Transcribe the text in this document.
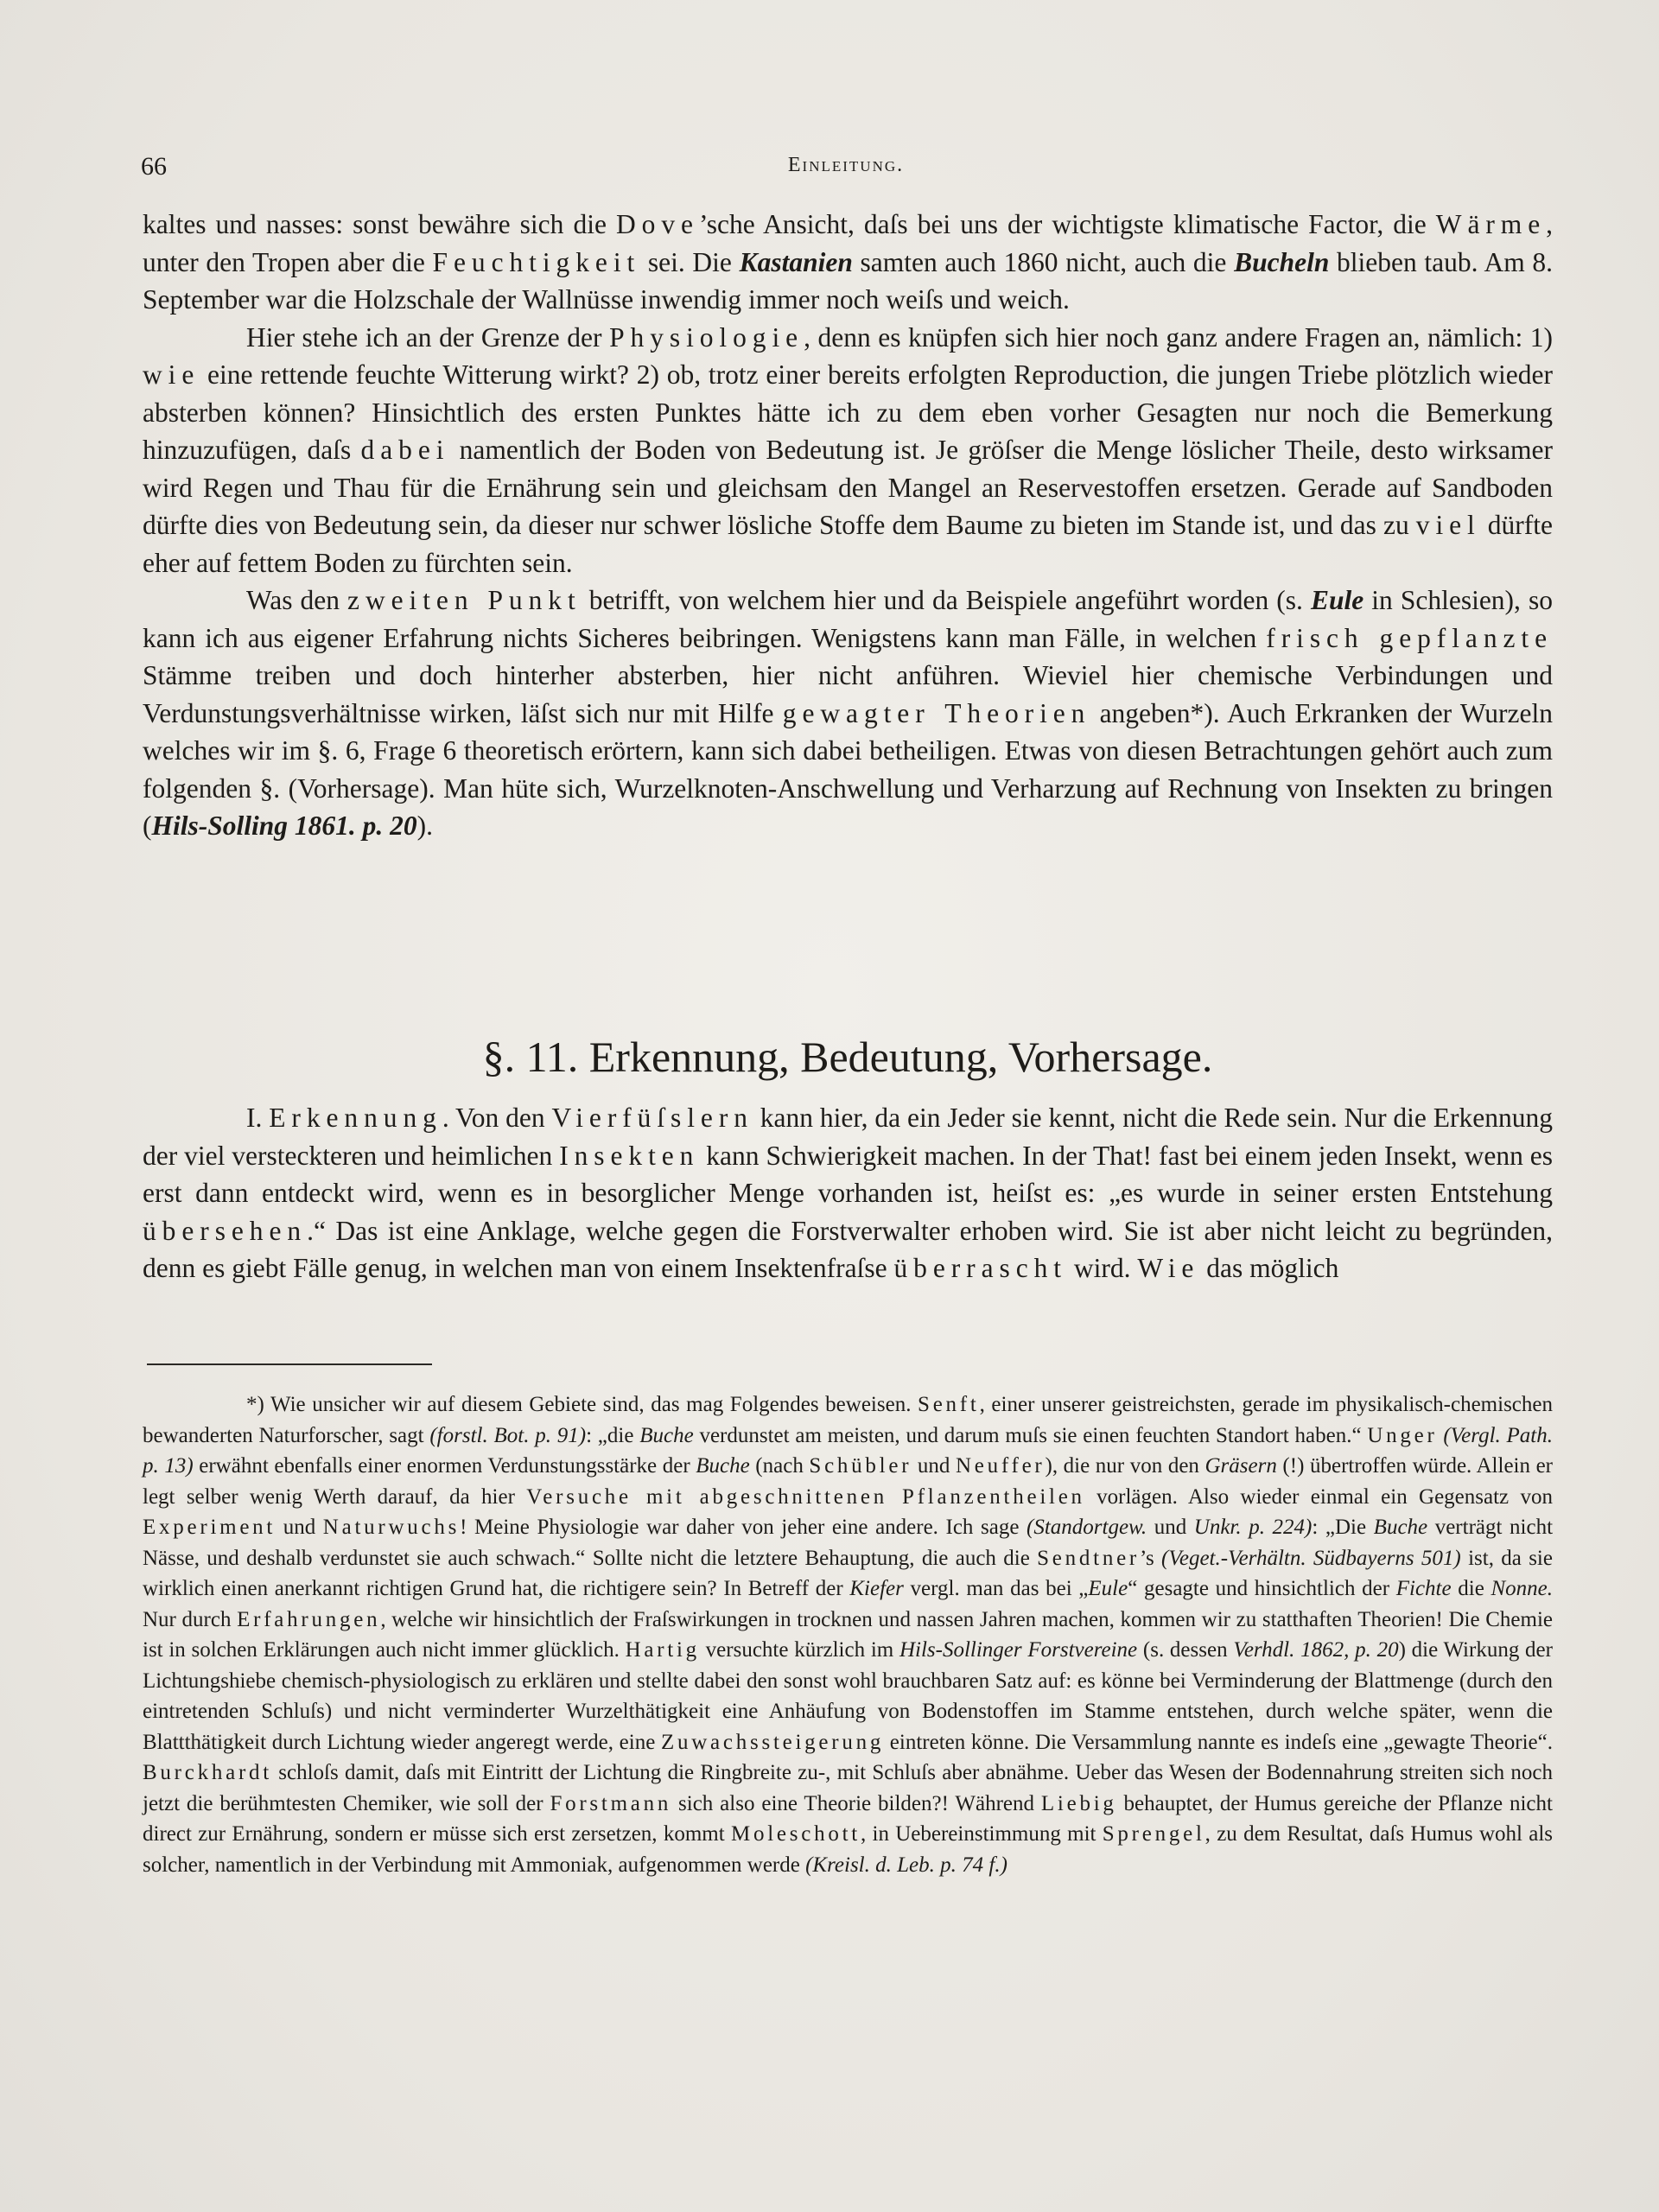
66	Einleitung.

kaltes und nasses: sonst bewähre sich die Dove’sche Ansicht, daſs bei uns der wichtigste klimatische Factor, die Wärme, unter den Tropen aber die Feuchtigkeit sei. Die Kastanien samten auch 1860 nicht, auch die Bucheln blieben taub. Am 8. September war die Holzschale der Wallnüsse inwendig immer noch weiſs und weich.

Hier stehe ich an der Grenze der Physiologie, denn es knüpfen sich hier noch ganz andere Fragen an, nämlich: 1) wie eine rettende feuchte Witterung wirkt? 2) ob, trotz einer bereits erfolgten Reproduction, die jungen Triebe plötzlich wieder absterben können? Hinsichtlich des ersten Punktes hätte ich zu dem eben vorher Gesagten nur noch die Bemerkung hinzuzufügen, daſs dabei namentlich der Boden von Bedeutung ist. Je gröſser die Menge löslicher Theile, desto wirksamer wird Regen und Thau für die Ernährung sein und gleichsam den Mangel an Reservestoffen ersetzen. Gerade auf Sandboden dürfte dies von Bedeutung sein, da dieser nur schwer lösliche Stoffe dem Baume zu bieten im Stande ist, und das zu viel dürfte eher auf fettem Boden zu fürchten sein.

Was den zweiten Punkt betrifft, von welchem hier und da Beispiele angeführt worden (s. Eule in Schlesien), so kann ich aus eigener Erfahrung nichts Sicheres beibringen. Wenigstens kann man Fälle, in welchen frisch gepflanzte Stämme treiben und doch hinterher absterben, hier nicht anführen. Wieviel hier chemische Verbindungen und Verdunstungsverhältnisse wirken, läſst sich nur mit Hilfe gewagter Theorien angeben*). Auch Erkranken der Wurzeln welches wir im §. 6, Frage 6 theoretisch erörtern, kann sich dabei betheiligen. Etwas von diesen Betrachtungen gehört auch zum folgenden §. (Vorhersage). Man hüte sich, Wurzelknoten-Anschwellung und Verharzung auf Rechnung von Insekten zu bringen (Hils-Solling 1861. p. 20).

§. 11. Erkennung, Bedeutung, Vorhersage.

I. Erkennung. Von den Vierfüſslern kann hier, da ein Jeder sie kennt, nicht die Rede sein. Nur die Erkennung der viel versteckteren und heimlichen Insekten kann Schwierigkeit machen. In der That! fast bei einem jeden Insekt, wenn es erst dann entdeckt wird, wenn es in besorglicher Menge vorhanden ist, heiſst es: „es wurde in seiner ersten Entstehung übersehen.“ Das ist eine Anklage, welche gegen die Forstverwalter erhoben wird. Sie ist aber nicht leicht zu begründen, denn es giebt Fälle genug, in welchen man von einem Insektenfraſse überrascht wird. Wie das möglich

*) Wie unsicher wir auf diesem Gebiete sind, das mag Folgendes beweisen. Senft, einer unserer geistreichsten, gerade im physikalisch-chemischen bewanderten Naturforscher, sagt (forstl. Bot. p. 91): „die Buche verdunstet am meisten, und darum muſs sie einen feuchten Standort haben.“ Unger (Vergl. Path. p. 13) erwähnt ebenfalls einer enormen Verdunstungsstärke der Buche (nach Schübler und Neuffer), die nur von den Gräsern (!) übertroffen würde. Allein er legt selber wenig Werth darauf, da hier Versuche mit abgeschnittenen Pflanzentheilen vorlägen. Also wieder einmal ein Gegensatz von Experiment und Naturwuchs! Meine Physiologie war daher von jeher eine andere. Ich sage (Standortgew. und Unkr. p. 224): „Die Buche verträgt nicht Nässe, und deshalb verdunstet sie auch schwach.“ Sollte nicht die letztere Behauptung, die auch die Sendtner’s (Veget.-Verhältn. Südbayerns 501) ist, da sie wirklich einen anerkannt richtigen Grund hat, die richtigere sein? In Betreff der Kiefer vergl. man das bei „Eule“ gesagte und hinsichtlich der Fichte die Nonne. Nur durch Erfahrungen, welche wir hinsichtlich der Fraſswirkungen in trocknen und nassen Jahren machen, kommen wir zu statthaften Theorien! Die Chemie ist in solchen Erklärungen auch nicht immer glücklich. Hartig versuchte kürzlich im Hils-Sollinger Forstvereine (s. dessen Verhdl. 1862, p. 20) die Wirkung der Lichtungshiebe chemisch-physiologisch zu erklären und stellte dabei den sonst wohl brauchbaren Satz auf: es könne bei Verminderung der Blattmenge (durch den eintretenden Schluſs) und nicht verminderter Wurzelthätigkeit eine Anhäufung von Bodenstoffen im Stamme entstehen, durch welche später, wenn die Blattthätigkeit durch Lichtung wieder angeregt werde, eine Zuwachssteigerung eintreten könne. Die Versammlung nannte es indeſs eine „gewagte Theorie“. Burckhardt schloſs damit, daſs mit Eintritt der Lichtung die Ringbreite zu-, mit Schluſs aber abnähme. Ueber das Wesen der Bodennahrung streiten sich noch jetzt die berühmtesten Chemiker, wie soll der Forstmann sich also eine Theorie bilden?! Während Liebig behauptet, der Humus gereiche der Pflanze nicht direct zur Ernährung, sondern er müsse sich erst zersetzen, kommt Moleschott, in Uebereinstimmung mit Sprengel, zu dem Resultat, daſs Humus wohl als solcher, namentlich in der Verbindung mit Ammoniak, aufgenommen werde (Kreisl. d. Leb. p. 74 f.)
